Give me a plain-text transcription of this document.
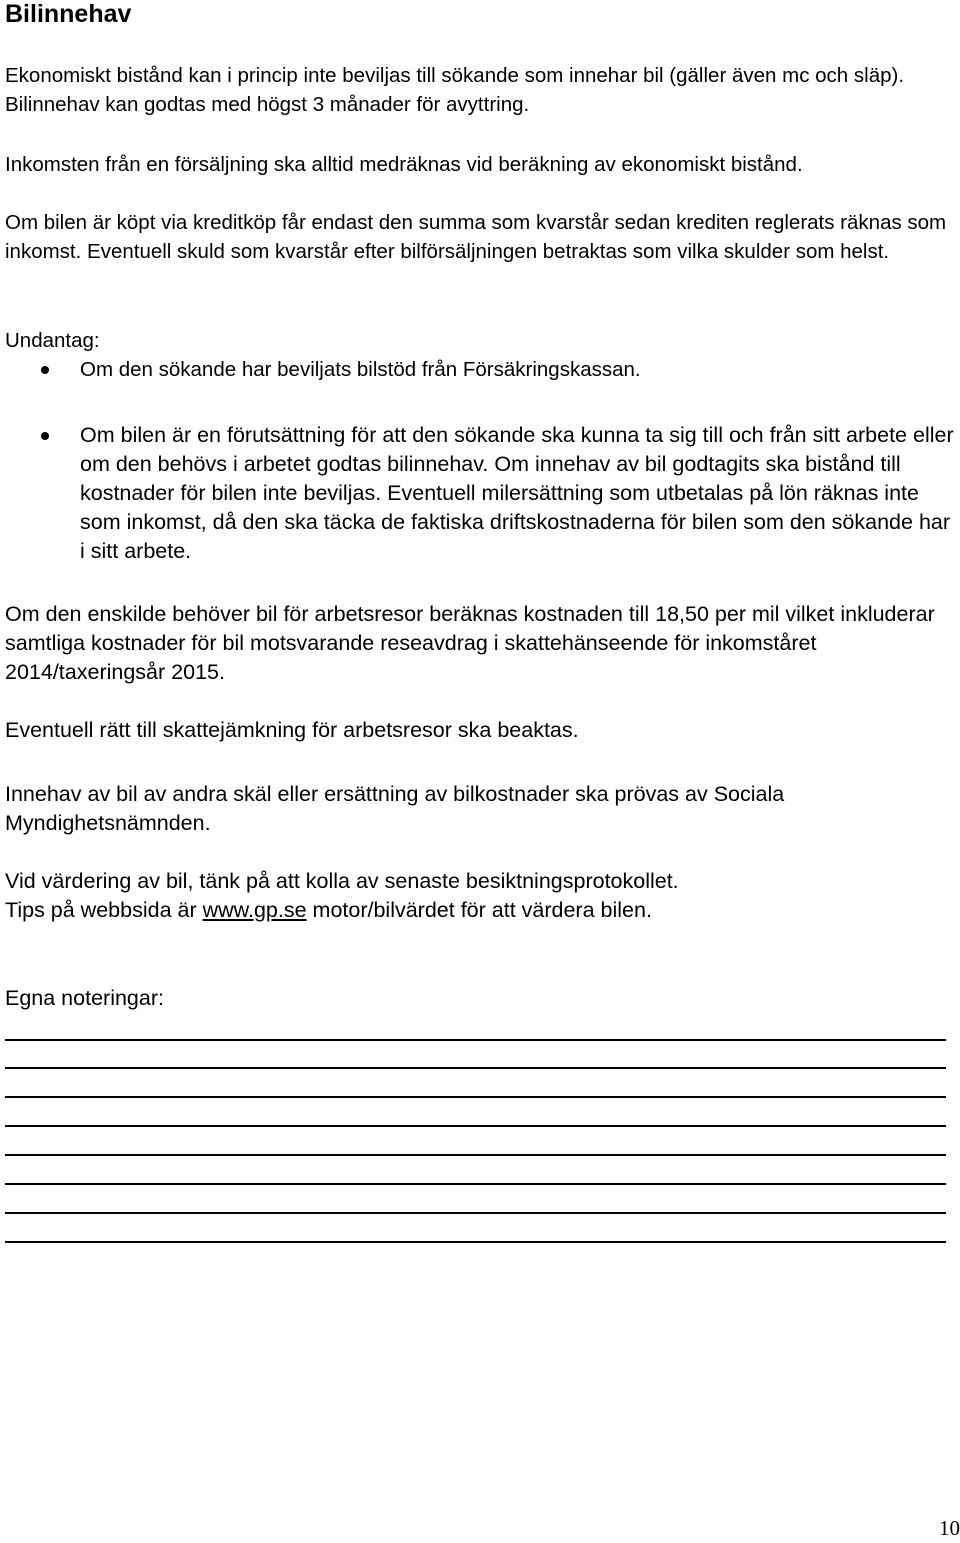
Bilinnehav

Ekonomiskt bistånd kan i princip inte beviljas till sökande som innehar bil (gäller även mc och släp). Bilinnehav kan godtas med högst 3 månader för avyttring.

Inkomsten från en försäljning ska alltid medräknas vid beräkning av ekonomiskt bistånd.

Om bilen är köpt via kreditköp får endast den summa som kvarstår sedan krediten reglerats räknas som inkomst. Eventuell skuld som kvarstår efter bilförsäljningen betraktas som vilka skulder som helst.

Undantag:

Om den sökande har beviljats bilstöd från Försäkringskassan.

Om bilen är en förutsättning för att den sökande ska kunna ta sig till och från sitt arbete eller om den behövs i arbetet godtas bilinnehav. Om innehav av bil godtagits ska bistånd till kostnader för bilen inte beviljas. Eventuell milersättning som utbetalas på lön räknas inte som inkomst, då den ska täcka de faktiska driftskostnaderna för bilen som den sökande har i sitt arbete.

Om den enskilde behöver bil för arbetsresor beräknas kostnaden till 18,50 per mil vilket inkluderar samtliga kostnader för bil motsvarande reseavdrag i skattehänseende för inkomståret 2014/taxeringsår 2015.

Eventuell rätt till skattejämkning för arbetsresor ska beaktas.

Innehav av bil av andra skäl eller ersättning av bilkostnader ska prövas av Sociala Myndighetsnämnden.

Vid värdering av bil, tänk på att kolla av senaste besiktningsprotokollet.

Tips på webbsida är www.gp.se motor/bilvärdet för att värdera bilen.

Egna noteringar:

10
